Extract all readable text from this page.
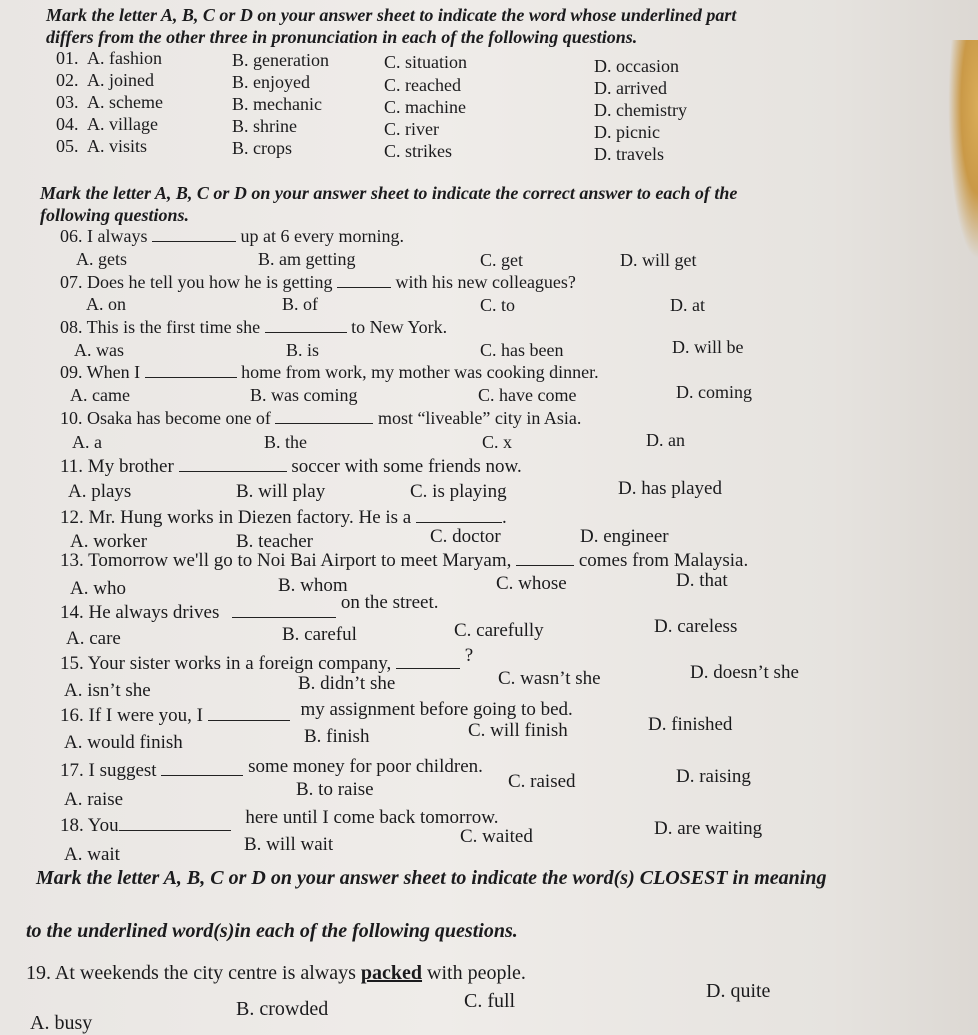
Mark the letter A, B, C or D on your answer sheet to indicate the word whose underlined part
differs from the other three in pronunciation in each of the following questions.
01. A. fashion	B. generation	C. situation	D. occasion
02. A. joined	B. enjoyed	C. reached	D. arrived
03. A. scheme	B. mechanic	C. machine	D. chemistry
04. A. village	B. shrine	C. river	D. picnic
05. A. visits	B. crops	C. strikes	D. travels
Mark the letter A, B, C or D on your answer sheet to indicate the correct answer to each of the
following questions.
06. I always	up at 6 every morning.
A. gets	B. am getting	C. get	D. will get
07. Does he tell you how he is getting	with his new colleagues?
A. on	B. of	C. to	D. at
08. This is the first time she	to New York.
A. was	B. is	C. has been	D. will be
09. When I	home from work, my mother was cooking dinner.
A. came	B. was coming	C. have come	D. coming
10. Osaka has become one of	most “liveable” city in Asia.
A. a	B. the	C. x	D. an
11. My brother	soccer with some friends now.
A. plays	B. will play	C. is playing	D. has played
12. Mr. Hung works in Diezen factory. He is a	.
A. worker	B. teacher	C. doctor	D. engineer
13. Tomorrow we'll go to Noi Bai Airport to meet Maryam,	comes from Malaysia.
A. who	B. whom	C. whose	D. that
14. He always drives	on the street.
A. care	B. careful	C. carefully	D. careless
15. Your sister works in a foreign company,	?
A. isn’t she	B. didn’t she	C. wasn’t she	D. doesn’t she
16. If I were you, I	my assignment before going to bed.
A. would finish	B. finish	C. will finish	D. finished
17. I suggest	some money for poor children.
A. raise	B. to raise	C. raised	D. raising
18. You	here until I come back tomorrow.
A. wait	B. will wait	C. waited	D. are waiting
Mark the letter A, B, C or D on your answer sheet to indicate the word(s) CLOSEST in meaning
to the underlined word(s)in each of the following questions.
19. At weekends the city centre is always packed with people.
A. busy
B. crowded	C. full	D. quite
